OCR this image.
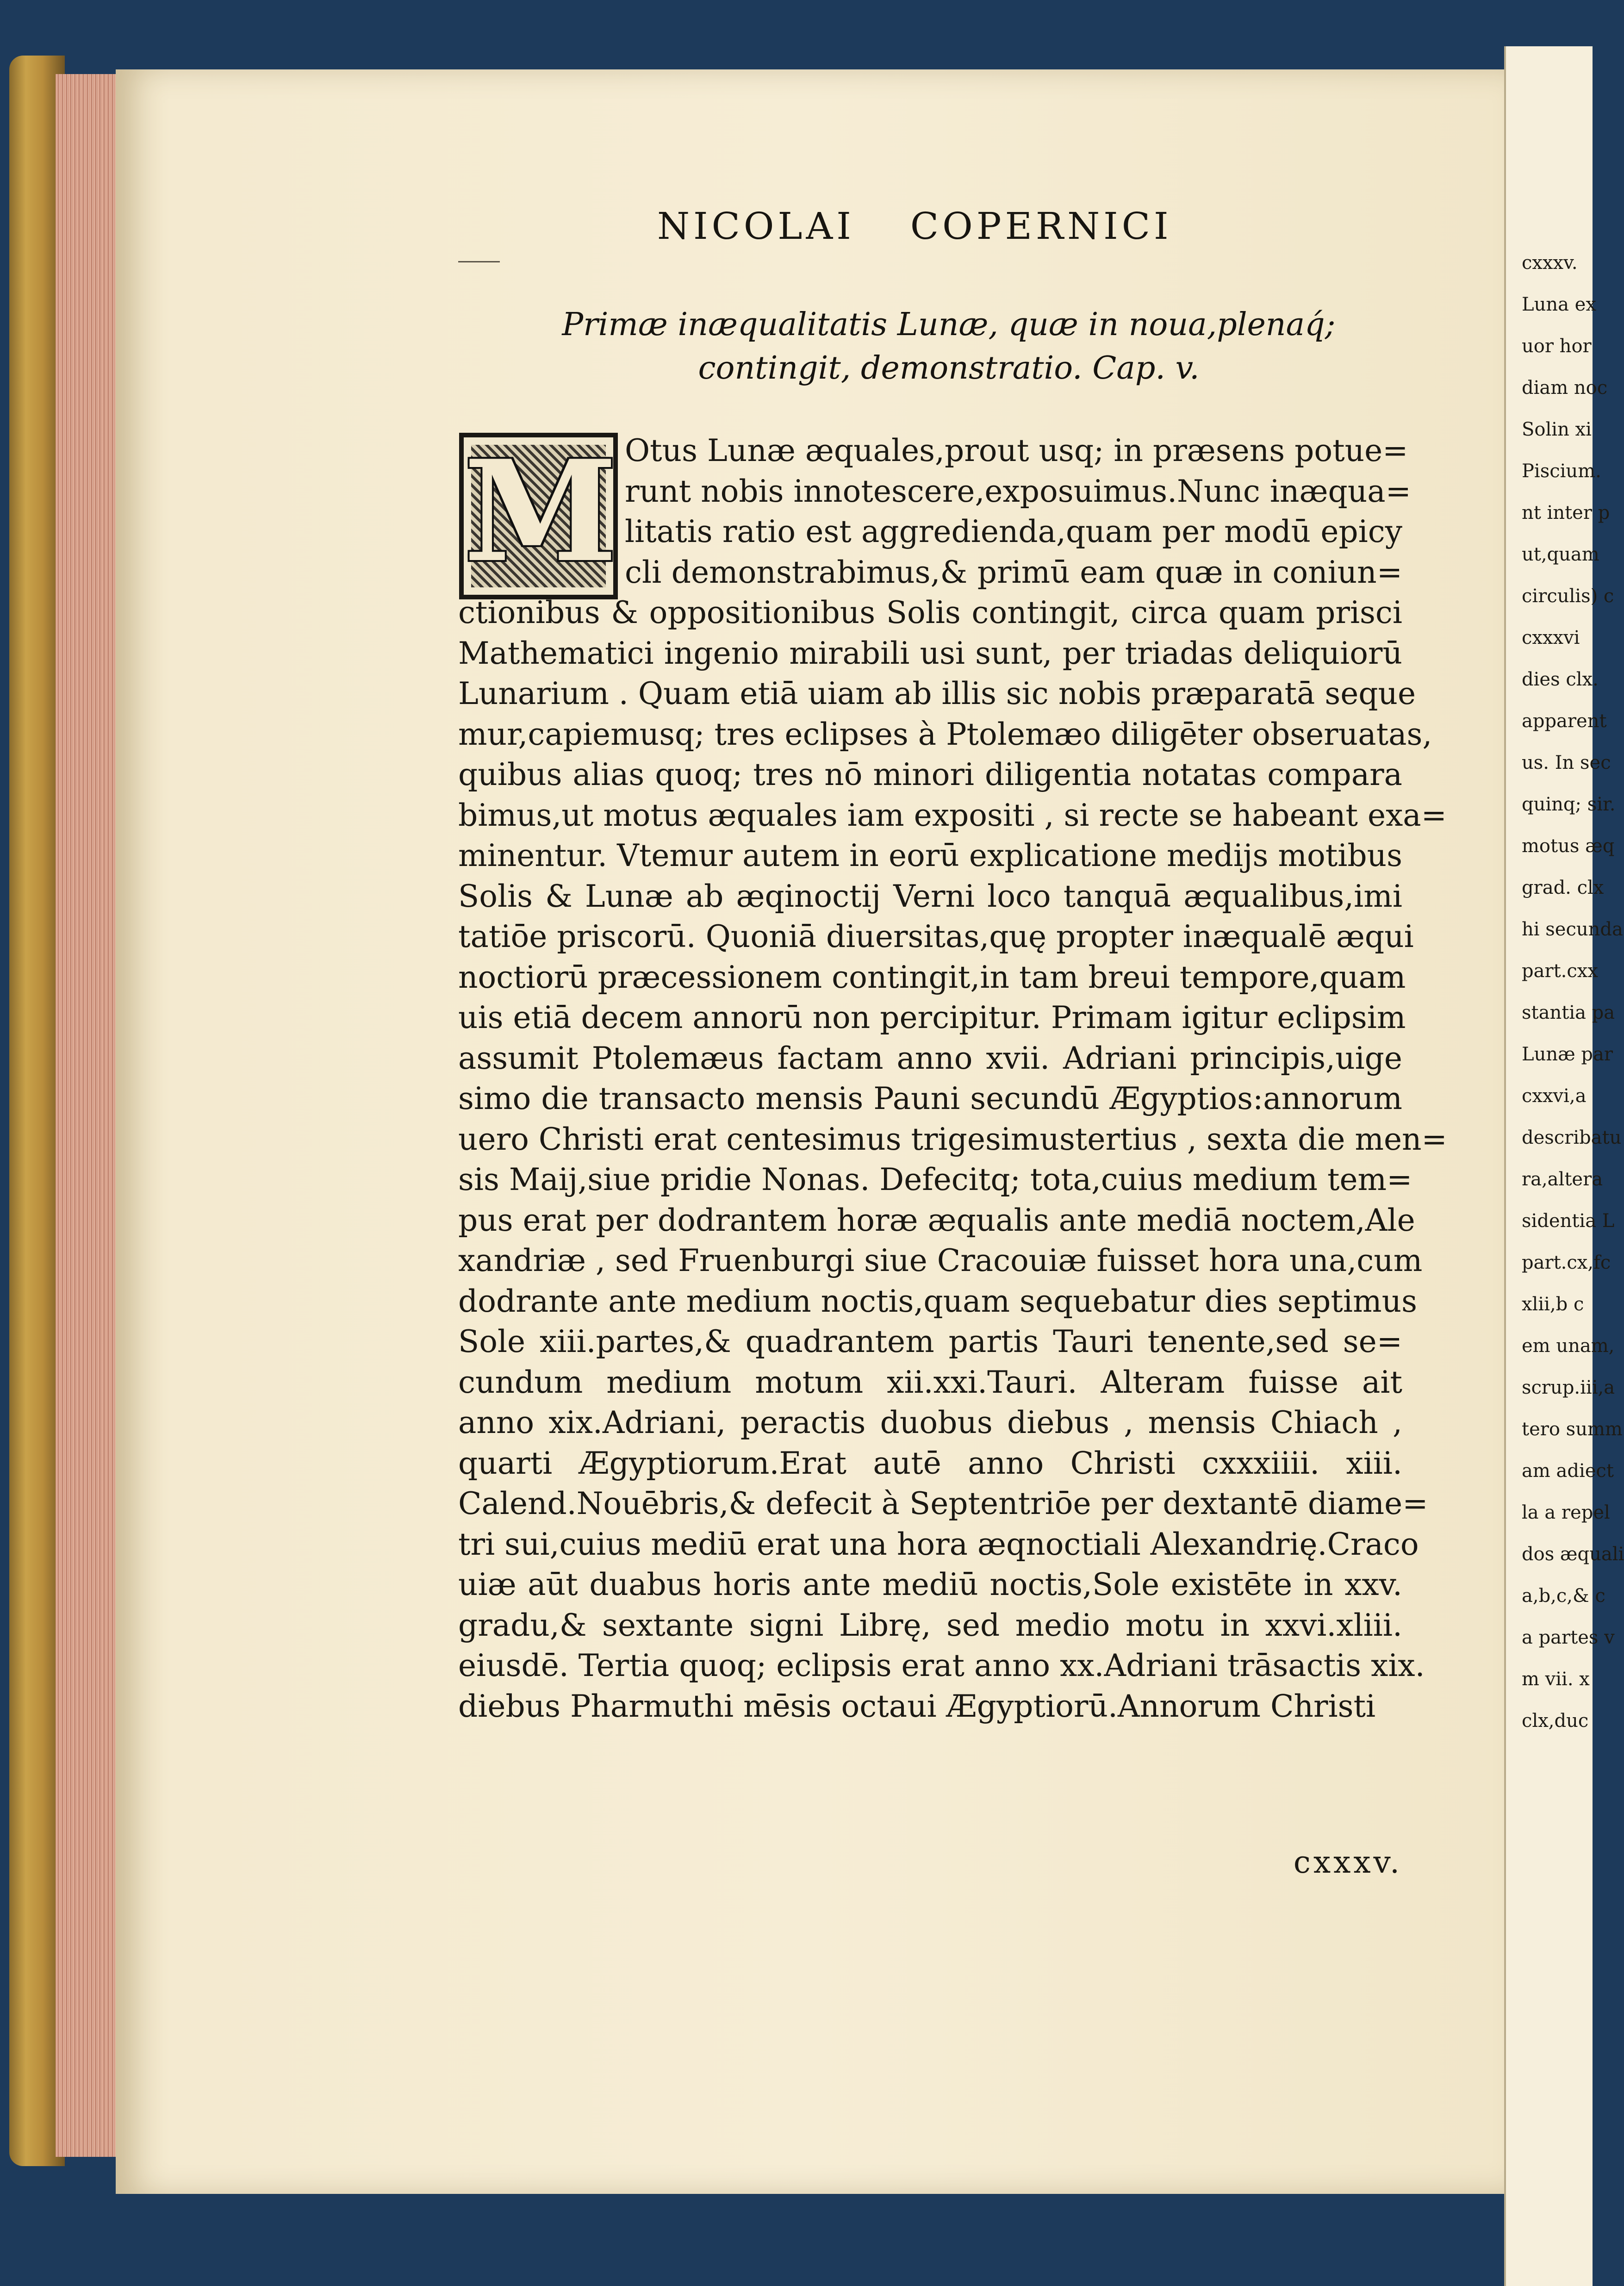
NICOLAI COPERNICI
Primæ inæqualitatis Lunæ, quæ in noua,plenaq́;
contingit, demonstratio. Cap. v.
M Otus Lunæ æquales,prout usq; in præsens potue=
runt nobis innotescere,exposuimus.Nunc inæqua=
litatis ratio est aggredienda,quam per modū epicy
cli demonstrabimus,& primū eam quæ in coniun=
ctionibus & oppositionibus Solis contingit, circa quam prisci
Mathematici ingenio mirabili usi sunt, per triadas deliquiorū
Lunarium . Quam etiā uiam ab illis sic nobis præparatā seque
mur,capiemusq; tres eclipses à Ptolemæo diligēter obseruatas,
quibus alias quoq; tres nō minori diligentia notatas compara
bimus,ut motus æquales iam expositi , si recte se habeant exa=
minentur. Vtemur autem in eorū explicatione medijs motibus
Solis & Lunæ ab æqinoctij Verni loco tanquā æqualibus,imi
tatiōe priscorū. Quoniā diuersitas,quę propter inæqualē æqui
noctiorū præcessionem contingit,in tam breui tempore,quam
uis etiā decem annorū non percipitur. Primam igitur eclipsim
assumit Ptolemæus factam anno xvii. Adriani principis,uige
simo die transacto mensis Pauni secundū Ægyptios:annorum
uero Christi erat centesimus trigesimustertius , sexta die men=
sis Maij,siue pridie Nonas. Defecitq; tota,cuius medium tem=
pus erat per dodrantem horæ æqualis ante mediā noctem,Ale
xandriæ , sed Fruenburgi siue Cracouiæ fuisset hora una,cum
dodrante ante medium noctis,quam sequebatur dies septimus
Sole xiii.partes,& quadrantem partis Tauri tenente,sed se=
cundum medium motum xii.xxi.Tauri. Alteram fuisse ait
anno xix.Adriani, peractis duobus diebus , mensis Chiach ,
quarti Ægyptiorum.Erat autē anno Christi cxxxiiii. xiii.
Calend.Nouēbris,& defecit à Septentriōe per dextantē diame=
tri sui,cuius mediū erat una hora æqnoctiali Alexandrię.Craco
uiæ aūt duabus horis ante mediū noctis,Sole existēte in xxv.
gradu,& sextante signi Librę, sed medio motu in xxvi.xliii.
eiusdē. Tertia quoq; eclipsis erat anno xx.Adriani trāsactis xix.
diebus Pharmuthi mēsis octaui Ægyptiorū.Annorum Christi
cxxxv.
cxxxv.
Luna ex
uor hor
diam noc
Solin xi
Piscium.
nt inter p
ut,quam
circulis) c
cxxxvi
dies clx.
apparent
us. In sec
quinq; sir.
motus æq
grad. clx
hi secunda
part.cxx
stantia pa
Lunæ par
cxxvi,a
describatu
ra,altera
sidentia L
part.cx,fc
xlii,b c
em unam,
scrup.iii,a
tero summ
am adiect
la a repel
dos æquali
a,b,c,& c
a partes v
m vii. x
clx,duc
